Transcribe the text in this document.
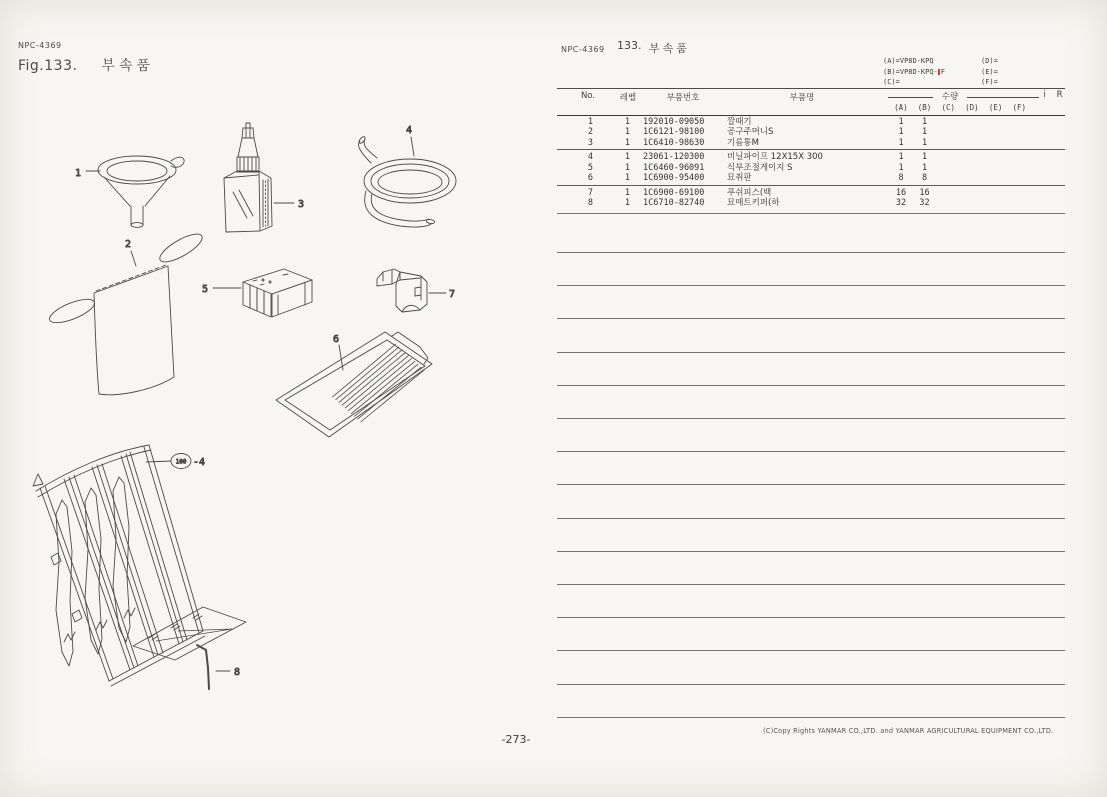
NPC-4369
Fig.133. 부속품
NPC-4369 133. 부속품
(A)=VP8D-KPQ	(D)=
(B)=VP8D-KPQ- F	(E)=
(C)=	(F)=
No.	레벨	부품번호	부품명	수량	i R
(A)	(B)	(C)	(D)	(E)	(F)
1	1	192010-09050	깔때기	1	1
2	1	1C6121-98100	공구주머니S	1	1
3	1	1C6410-98630	기름통M	1	1
4	1	23061-120300	비닐파이프 12X15X 300	1	1
5	1	1C6460-96091	식부조절게이지 S	1	1
6	1	1C6900-95400	묘취판	8	8
7	1	1C6900-69100	푸쉬피스(백	16	16
8	1	1C6710-82740	묘매트키퍼(하	32	32
-273-
(C)Copy Rights YANMAR CO.,LTD. and YANMAR AGRICULTURAL EQUIPMENT CO.,LTD.
1
2
3
4
5	7
6
100 -4
8
